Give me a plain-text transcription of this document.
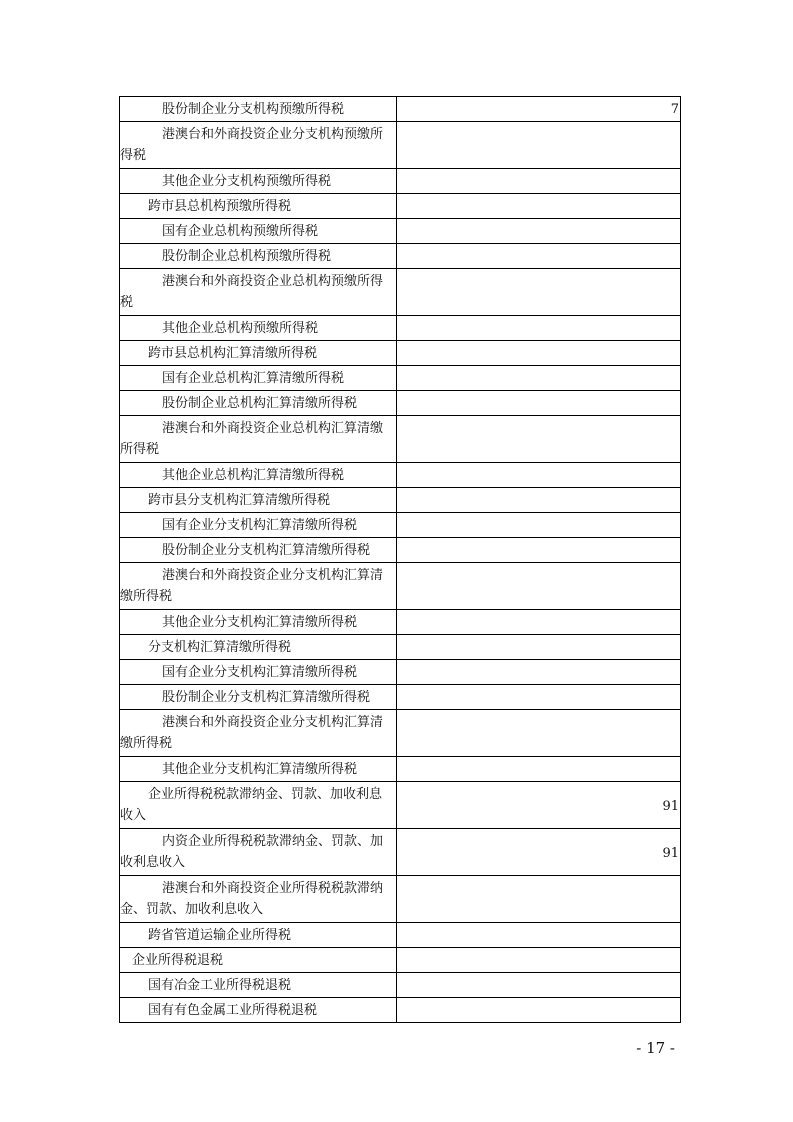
股份制企业分支机构预缴所得税	7
港澳台和外商投资企业分支机构预缴所得税	
其他企业分支机构预缴所得税	
跨市县总机构预缴所得税	
国有企业总机构预缴所得税	
股份制企业总机构预缴所得税	
港澳台和外商投资企业总机构预缴所得税	
其他企业总机构预缴所得税	
跨市县总机构汇算清缴所得税	
国有企业总机构汇算清缴所得税	
股份制企业总机构汇算清缴所得税	
港澳台和外商投资企业总机构汇算清缴所得税	
其他企业总机构汇算清缴所得税	
跨市县分支机构汇算清缴所得税	
国有企业分支机构汇算清缴所得税	
股份制企业分支机构汇算清缴所得税	
港澳台和外商投资企业分支机构汇算清缴所得税	
其他企业分支机构汇算清缴所得税	
分支机构汇算清缴所得税	
国有企业分支机构汇算清缴所得税	
股份制企业分支机构汇算清缴所得税	
港澳台和外商投资企业分支机构汇算清缴所得税	
其他企业分支机构汇算清缴所得税	
企业所得税税款滞纳金、罚款、加收利息收入	91
内资企业所得税税款滞纳金、罚款、加收利息收入	91
港澳台和外商投资企业所得税税款滞纳金、罚款、加收利息收入	
跨省管道运输企业所得税	
企业所得税退税	
国有冶金工业所得税退税	
国有有色金属工业所得税退税	
- 17 -
